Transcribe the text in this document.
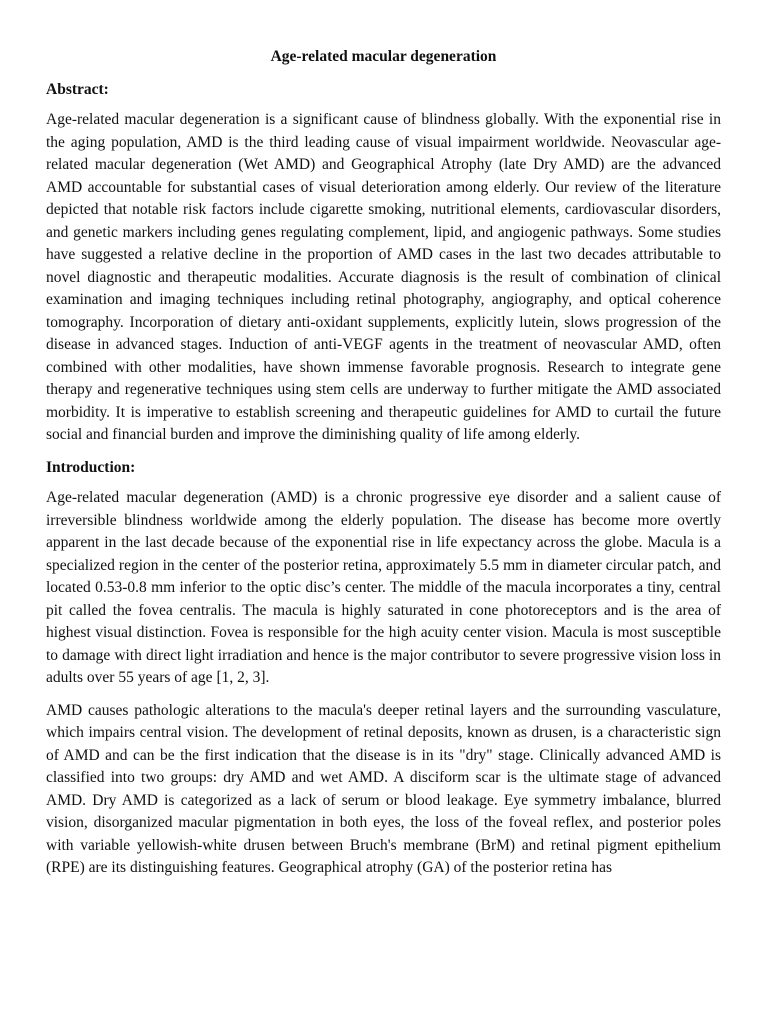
Age-related macular degeneration
Abstract:

Age-related macular degeneration is a significant cause of blindness globally. With the exponential rise in the aging population, AMD is the third leading cause of visual impairment worldwide. Neovascular age-related macular degeneration (Wet AMD) and Geographical Atrophy (late Dry AMD) are the advanced AMD accountable for substantial cases of visual deterioration among elderly. Our review of the literature depicted that notable risk factors include cigarette smoking, nutritional elements, cardiovascular disorders, and genetic markers including genes regulating complement, lipid, and angiogenic pathways. Some studies have suggested a relative decline in the proportion of AMD cases in the last two decades attributable to novel diagnostic and therapeutic modalities. Accurate diagnosis is the result of combination of clinical examination and imaging techniques including retinal photography, angiography, and optical coherence tomography. Incorporation of dietary anti-oxidant supplements, explicitly lutein, slows progression of the disease in advanced stages. Induction of anti-VEGF agents in the treatment of neovascular AMD, often combined with other modalities, have shown immense favorable prognosis. Research to integrate gene therapy and regenerative techniques using stem cells are underway to further mitigate the AMD associated morbidity. It is imperative to establish screening and therapeutic guidelines for AMD to curtail the future social and financial burden and improve the diminishing quality of life among elderly.

Introduction:

Age-related macular degeneration (AMD) is a chronic progressive eye disorder and a salient cause of irreversible blindness worldwide among the elderly population. The disease has become more overtly apparent in the last decade because of the exponential rise in life expectancy across the globe. Macula is a specialized region in the center of the posterior retina, approximately 5.5 mm in diameter circular patch, and located 0.53-0.8 mm inferior to the optic disc’s center. The middle of the macula incorporates a tiny, central pit called the fovea centralis. The macula is highly saturated in cone photoreceptors and is the area of highest visual distinction. Fovea is responsible for the high acuity center vision. Macula is most susceptible to damage with direct light irradiation and hence is the major contributor to severe progressive vision loss in adults over 55 years of age [1, 2, 3].

AMD causes pathologic alterations to the macula's deeper retinal layers and the surrounding vasculature, which impairs central vision. The development of retinal deposits, known as drusen, is a characteristic sign of AMD and can be the first indication that the disease is in its "dry" stage. Clinically advanced AMD is classified into two groups: dry AMD and wet AMD. A disciform scar is the ultimate stage of advanced AMD. Dry AMD is categorized as a lack of serum or blood leakage. Eye symmetry imbalance, blurred vision, disorganized macular pigmentation in both eyes, the loss of the foveal reflex, and posterior poles with variable yellowish-white drusen between Bruch's membrane (BrM) and retinal pigment epithelium (RPE) are its distinguishing features. Geographical atrophy (GA) of the posterior retina has
